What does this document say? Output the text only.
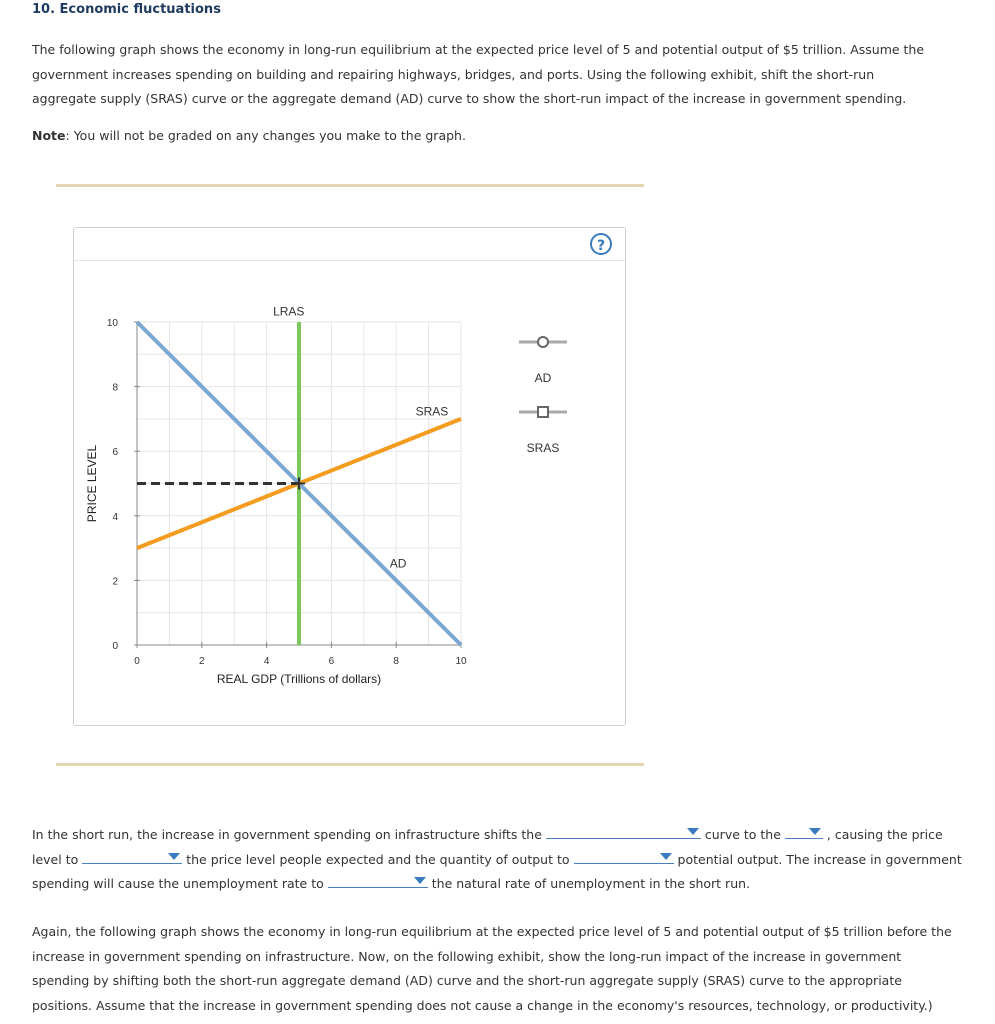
10. Economic fluctuations
The following graph shows the economy in long-run equilibrium at the expected price level of 5 and potential output of $5 trillion. Assume the government increases spending on building and repairing highways, bridges, and ports. Using the following exhibit, shift the short-run aggregate supply (SRAS) curve or the aggregate demand (AD) curve to show the short-run impact of the increase in government spending.
Note: You will not be graded on any changes you make to the graph.
?
0	2	4	6	8	10
0
2
4
6
8
10
REAL GDP (Trillions of dollars)
PRICE LEVEL
LRAS
SRAS
AD
AD
SRAS
In the short run, the increase in government spending on infrastructure shifts the	curve to the	, causing the price
level to	the price level people expected and the quantity of output to	potential output. The increase in government
spending will cause the unemployment rate to	the natural rate of unemployment in the short run.
Again, the following graph shows the economy in long-run equilibrium at the expected price level of 5 and potential output of $5 trillion before the increase in government spending on infrastructure. Now, on the following exhibit, show the long-run impact of the increase in government spending by shifting both the short-run aggregate demand (AD) curve and the short-run aggregate supply (SRAS) curve to the appropriate positions. Assume that the increase in government spending does not cause a change in the economy's resources, technology, or productivity.)
